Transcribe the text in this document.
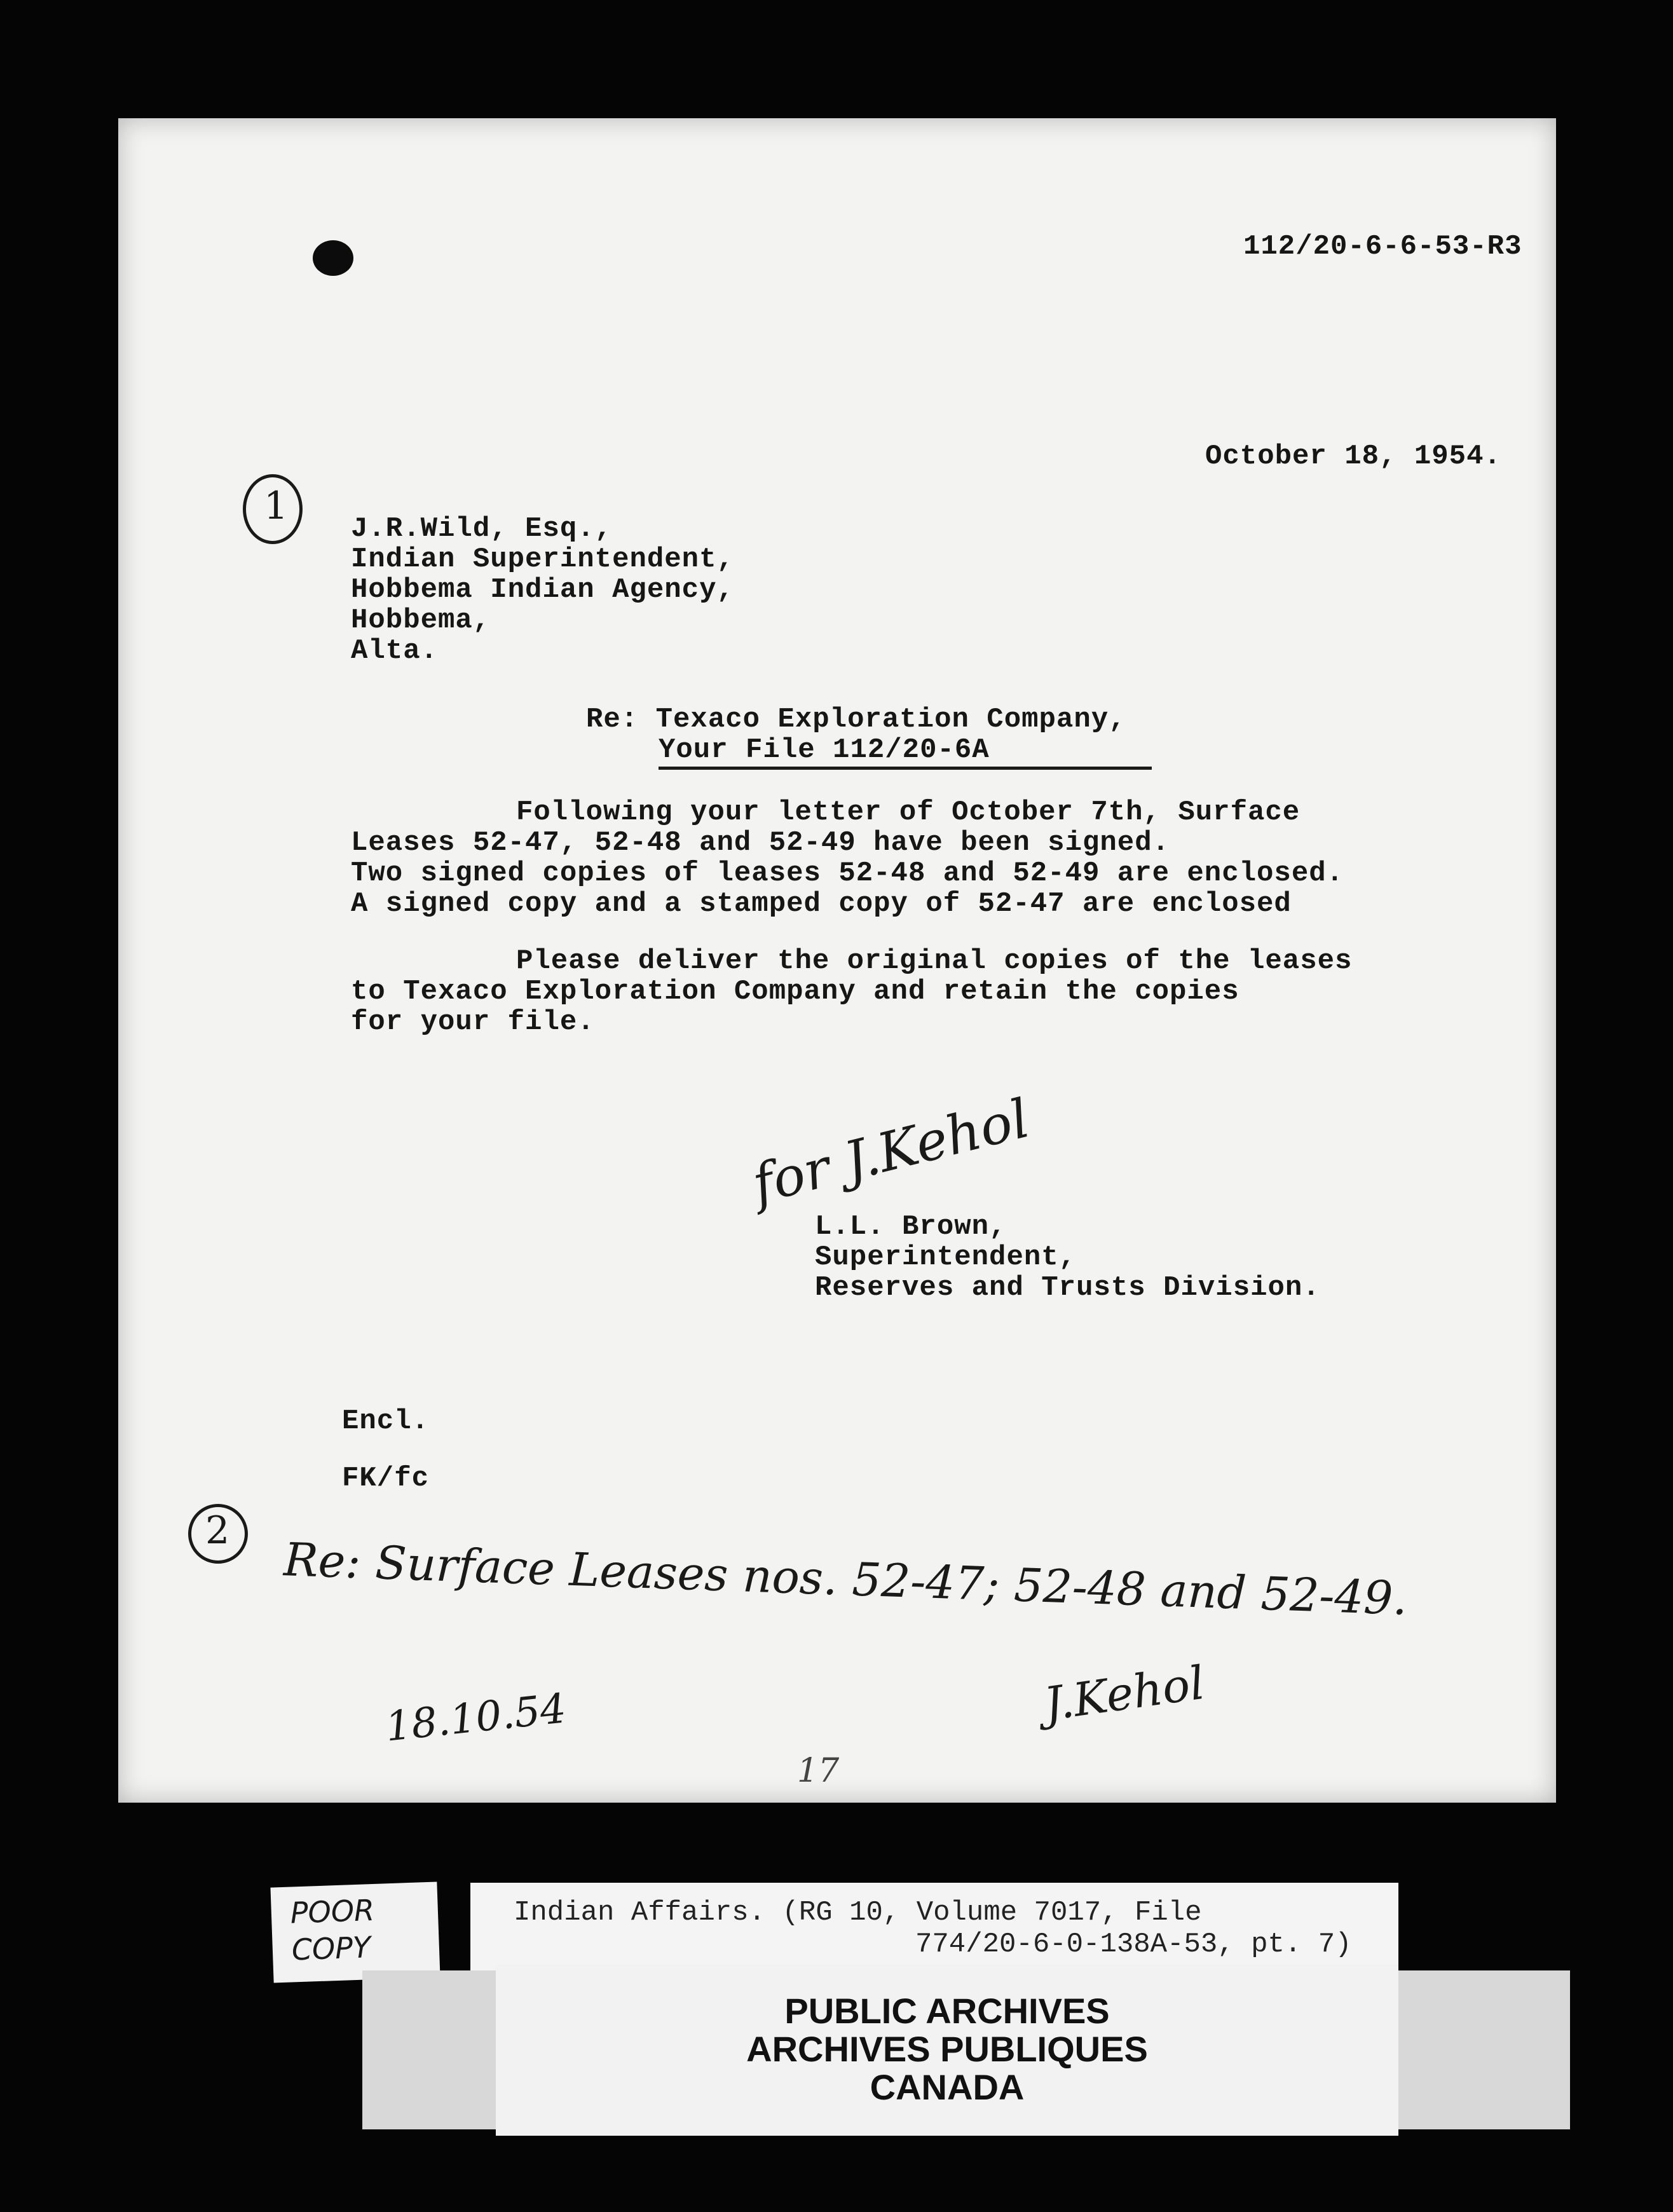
112/20-6-6-53-R3
October 18, 1954.
1
J.R.Wild, Esq.,
Indian Superintendent,
Hobbema Indian Agency,
Hobbema,
Alta.
Re: Texaco Exploration Company,
Your File 112/20-6A
Following your letter of October 7th, Surface
Leases 52-47, 52-48 and 52-49 have been signed.
Two signed copies of leases 52-48 and 52-49 are enclosed.
A signed copy and a stamped copy of 52-47 are enclosed
Please deliver the original copies of the leases
to Texaco Exploration Company and retain the copies
for your file.
for J.Kehol
L.L. Brown,
Superintendent,
Reserves and Trusts Division.
Encl.
FK/fc
2
Re: Surface Leases nos. 52-47; 52-48 and 52-49.
18.10.54	J.Kehol
17
Indian Affairs. (RG 10, Volume 7017, File
774/20-6-0-138A-53, pt. 7)
POOR
COPY
PUBLIC ARCHIVES
ARCHIVES PUBLIQUES
CANADA
